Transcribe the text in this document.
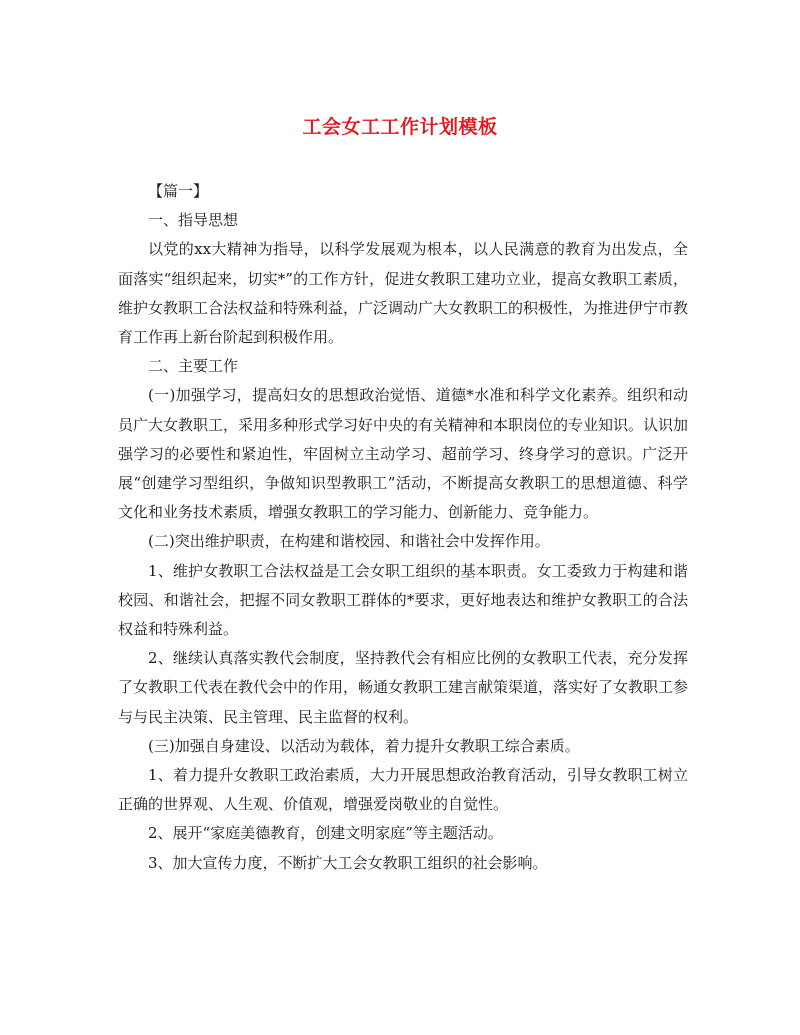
工会女工工作计划模板

【篇一】

一、指导思想

以党的xx大精神为指导，以科学发展观为根本，以人民满意的教育为出发点，全面落实“组织起来，切实*”的工作方针，促进女教职工建功立业，提高女教职工素质，维护女教职工合法权益和特殊利益，广泛调动广大女教职工的积极性，为推进伊宁市教育工作再上新台阶起到积极作用。

二、主要工作

(一)加强学习，提高妇女的思想政治觉悟、道德*水准和科学文化素养。组织和动员广大女教职工，采用多种形式学习好中央的有关精神和本职岗位的专业知识。认识加强学习的必要性和紧迫性，牢固树立主动学习、超前学习、终身学习的意识。广泛开展“创建学习型组织，争做知识型教职工”活动，不断提高女教职工的思想道德、科学文化和业务技术素质，增强女教职工的学习能力、创新能力、竞争能力。

(二)突出维护职责，在构建和谐校园、和谐社会中发挥作用。

1、维护女教职工合法权益是工会女职工组织的基本职责。女工委致力于构建和谐校园、和谐社会，把握不同女教职工群体的*要求，更好地表达和维护女教职工的合法权益和特殊利益。

2、继续认真落实教代会制度，坚持教代会有相应比例的女教职工代表，充分发挥了女教职工代表在教代会中的作用，畅通女教职工建言献策渠道，落实好了女教职工参与与民主决策、民主管理、民主监督的权利。

(三)加强自身建设、以活动为载体，着力提升女教职工综合素质。

1、着力提升女教职工政治素质，大力开展思想政治教育活动，引导女教职工树立正确的世界观、人生观、价值观，增强爱岗敬业的自觉性。

2、展开“家庭美德教育，创建文明家庭”等主题活动。

3、加大宣传力度，不断扩大工会女教职工组织的社会影响。
